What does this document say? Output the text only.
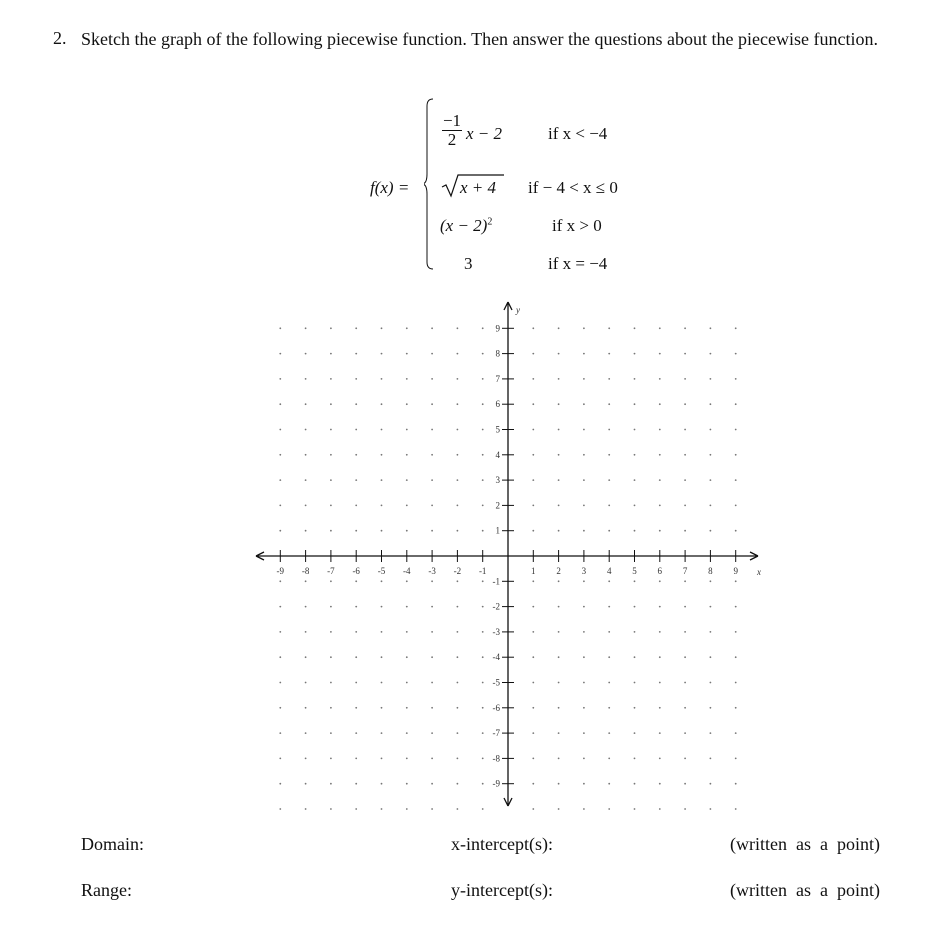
2. Sketch the graph of the following piecewise function. Then answer the questions about the piecewise function.
f(x) =
$\frac{-1}{2}$ x − 2	if x < −4
x + 4 if − 4 < x ≤ 0
$(x - 2)^2$	if x > 0
3	if x = −4
-9 -8 -7 -6 -5 -4 -3 -2 -1	1 2 3 4 5 6 7 8 9
1
2
3
4
5
6
7
8
9
-1
-2
-3
-4
-5
-6
-7
-8
-9
x
y
Domain:
Range:
x-intercept(s):
y-intercept(s):
(written  as  a  point)
(written  as  a  point)
